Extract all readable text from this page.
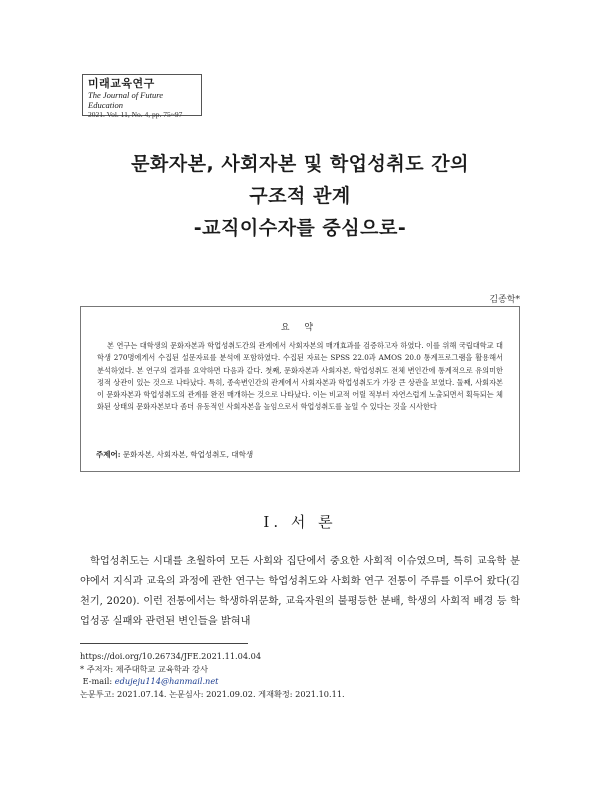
미래교육연구
The Journal of Future Education
2021. Vol. 11, No. 4, pp. 75~97

문화자본, 사회자본 및 학업성취도 간의

구조적 관계

-교직이수자를 중심으로-

김종학*
요 약
본 연구는 대학생의 문화자본과 학업성취도간의 관계에서 사회자본의 매개효과를 검증하고자 하였다. 이를 위해 국립대학교 대학생 270명에게서 수집된 설문자료를 분석에 포함하였다. 수집된 자료는 SPSS 22.0과 AMOS 20.0 통계프로그램을 활용해서 분석하였다. 본 연구의 결과를 요약하면 다음과 같다. 첫째, 문화자본과 사회자본, 학업성취도 전체 변인간에 통계적으로 유의미한 정적 상관이 있는 것으로 나타났다. 특히, 종속변인간의 관계에서 사회자본과 학업성취도가 가장 큰 상관을 보였다. 둘째, 사회자본이 문화자본과 학업성취도의 관계를 완전 매개하는 것으로 나타났다. 이는 비교적 어릴 적부터 자연스럽게 노출되면서 획득되는 체화된 상태의 문화자본보다 좀더 유동적인 사회자본을 높임으로서 학업성취도를 높일 수 있다는 것을 시사한다
주제어: 문화자본, 사회자본, 학업성취도, 대학생
Ⅰ. 서 론

학업성취도는 시대를 초월하여 모든 사회와 집단에서 중요한 사회적 이슈였으며, 특히 교육학 분야에서 지식과 교육의 과정에 관한 연구는 학업성취도와 사회화 연구 전통이 주류를 이루어 왔다(김천기, 2020). 이런 전통에서는 학생하위문화, 교육자원의 불평등한 분배, 학생의 사회적 배경 등 학업성공 실패와 관련된 변인들을 밝혀내

https://doi.org/10.26734/JFE.2021.11.04.04
* 주저자: 제주대학교 교육학과 강사
E-mail: edujeju114@hanmail.net
논문투고: 2021.07.14. 논문심사: 2021.09.02. 게재확정: 2021.10.11.
